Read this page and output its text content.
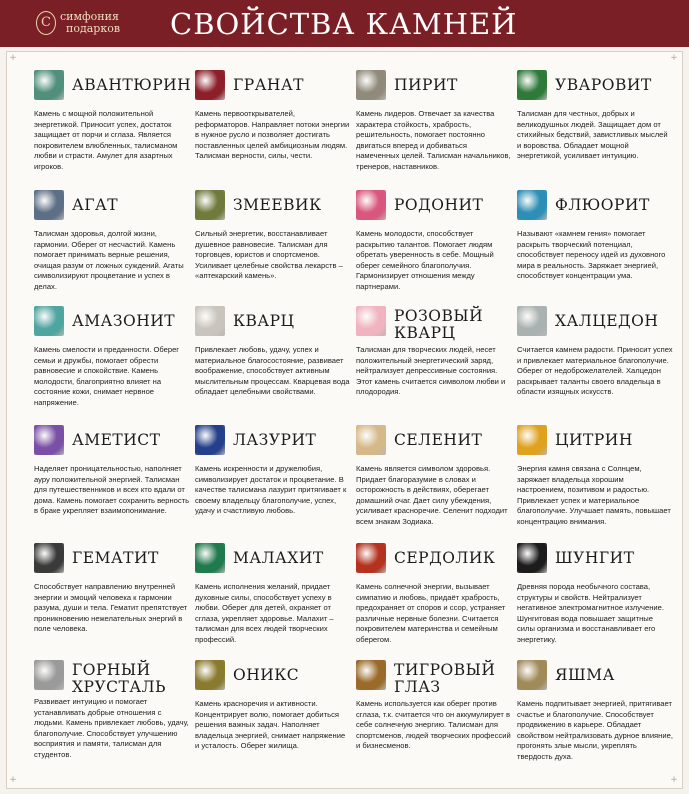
С симфония
подарков СВОЙСТВА КАМНЕЙ
+	+
+	+
АВАНТЮРИН

Камень с мощной положительной энергетикой. Приносит успех, достаток защищает от порчи и сглаза. Является покровителем влюбленных, талисманом любви и страсти. Амулет для азартных игроков.

ГРАНАТ

Камень первооткрывателей, реформаторов. Направляет потоки энергии в нужное русло и позволяет достигать поставленных целей амбициозным людям. Талисман верности, силы, чести.

ПИРИТ

Камень лидеров. Отвечает за качества характера стойкость, храбрость, решительность, помогает постоянно двигаться вперед и добиваться намеченных целей. Талисман начальников, тренеров, наставников.

УВАРОВИТ

Талисман для честных, добрых и великодушных людей. Защищает дом от стихийных бедствий, завистливых мыслей и воровства. Обладает мощной энергетикой, усиливает интуицию.

АГАТ

Талисман здоровья, долгой жизни, гармонии. Оберег от несчастий. Камень помогает принимать верные решения, очищая разум от ложных суждений. Агаты символизируют процветание и успех в делах.

ЗМЕЕВИК

Сильный энергетик, восстанавливает душевное равновесие. Талисман для торговцев, юристов и спортсменов. Усиливает целебные свойства лекарств – «аптекарский камень».

РОДОНИТ

Камень молодости, способствует раскрытию талантов. Помогает людям обретать уверенность в себе. Мощный оберег семейного благополучия. Гармонизирует отношения между партнерами.

ФЛЮОРИТ

Называют «камнем гения» помогает раскрыть творческий потенциал, способствует переносу идей из духовного мира в реальность. Заряжает энергией, способствует концентрации ума.

АМАЗОНИТ

Камень смелости и преданности. Оберег семьи и дружбы, помогает обрести равновесие и спокойствие. Камень молодости, благоприятно влияет на состояние кожи, снимает нервное напряжение.

КВАРЦ

Привлекает любовь, удачу, успех и материальное благосостояние, развивает воображение, способствует активным мыслительным процессам. Кварцевая вода обладает целебными свойствами.

РОЗОВЫЙ КВАРЦ

Талисман для творческих людей, несет положительный энергетический заряд, нейтрализует депрессивные состояния. Этот камень считается символом любви и плодородия.

ХАЛЦЕДОН

Считается камнем радости. Приносит успех и привлекает материальное благополучие. Оберег от недоброжелателей. Халцедон раскрывает таланты своего владельца в области изящных искусств.

АМЕТИСТ

Наделяет проницательностью, наполняет ауру положительной энергией. Талисман для путешественников и всех кто вдали от дома. Камень помогает сохранить верность в браке укрепляет взаимопонимание.

ЛАЗУРИТ

Камень искренности и дружелюбия, символизирует достаток и процветание. В качестве талисмана лазурит притягивает к своему владельцу благополучие, успех, удачу и счастливую любовь.

СЕЛЕНИТ

Камень является символом здоровья. Придает благоразумие в словах и осторожность в действиях, оберегает домашний очаг. Дает силу убеждения, усиливает красноречие. Селенит подходит всем знакам Зодиака.

ЦИТРИН

Энергия камня связана с Солнцем, заряжает владельца хорошим настроением, позитивом и радостью. Привлекает успех и материальное благополучие. Улучшает память, повышает концентрацию внимания.

ГЕМАТИТ

Способствует направлению внутренней энергии и эмоций человека к гармонии разума, души и тела. Гематит препятствует проникновению нежелательных энергий в поле человека.

МАЛАХИТ

Камень исполнения желаний, придает духовные силы, способствует успеху в любви. Оберег для детей, охраняет от сглаза, укрепляет здоровье. Малахит – талисман для всех людей творческих профессий.

СЕРДОЛИК

Камень солнечной энергии, вызывает симпатию и любовь, придаёт храбрость, предохраняет от споров и ссор, устраняет различные нервные болезни. Считается покровителем материнства и семейным оберегом.

ШУНГИТ

Древняя порода необычного состава, структуры и свойств. Нейтрализует негативное электромагнитное излучение. Шунгитовая вода повышает защитные силы организма и восстанавливает его энергетику.

ГОРНЫЙ ХРУСТАЛЬ

Развивает интуицию и помогает устанавливать добрые отношения с людьми. Камень привлекает любовь, удачу, благополучие. Способствует улучшению восприятия и памяти, талисман для студентов.

ОНИКС

Камень красноречия и активности. Концентрирует волю, помогает добиться решения важных задач. Наполняет владельца энергией, снимает напряжение и усталость. Оберег жилища.

ТИГРОВЫЙ ГЛАЗ

Камень используется как оберег против сглаза, т.к. считается что он аккумулирует в себе солнечную энергию. Талисман для спортсменов, людей творческих профессий и бизнесменов.

ЯШМА

Камень подпитывает энергией, притягивает счастье и благополучие. Способствует продвижению в карьере. Обладает свойством нейтрализовать дурное влияние, прогонять злые мысли, укреплять твердость духа.
